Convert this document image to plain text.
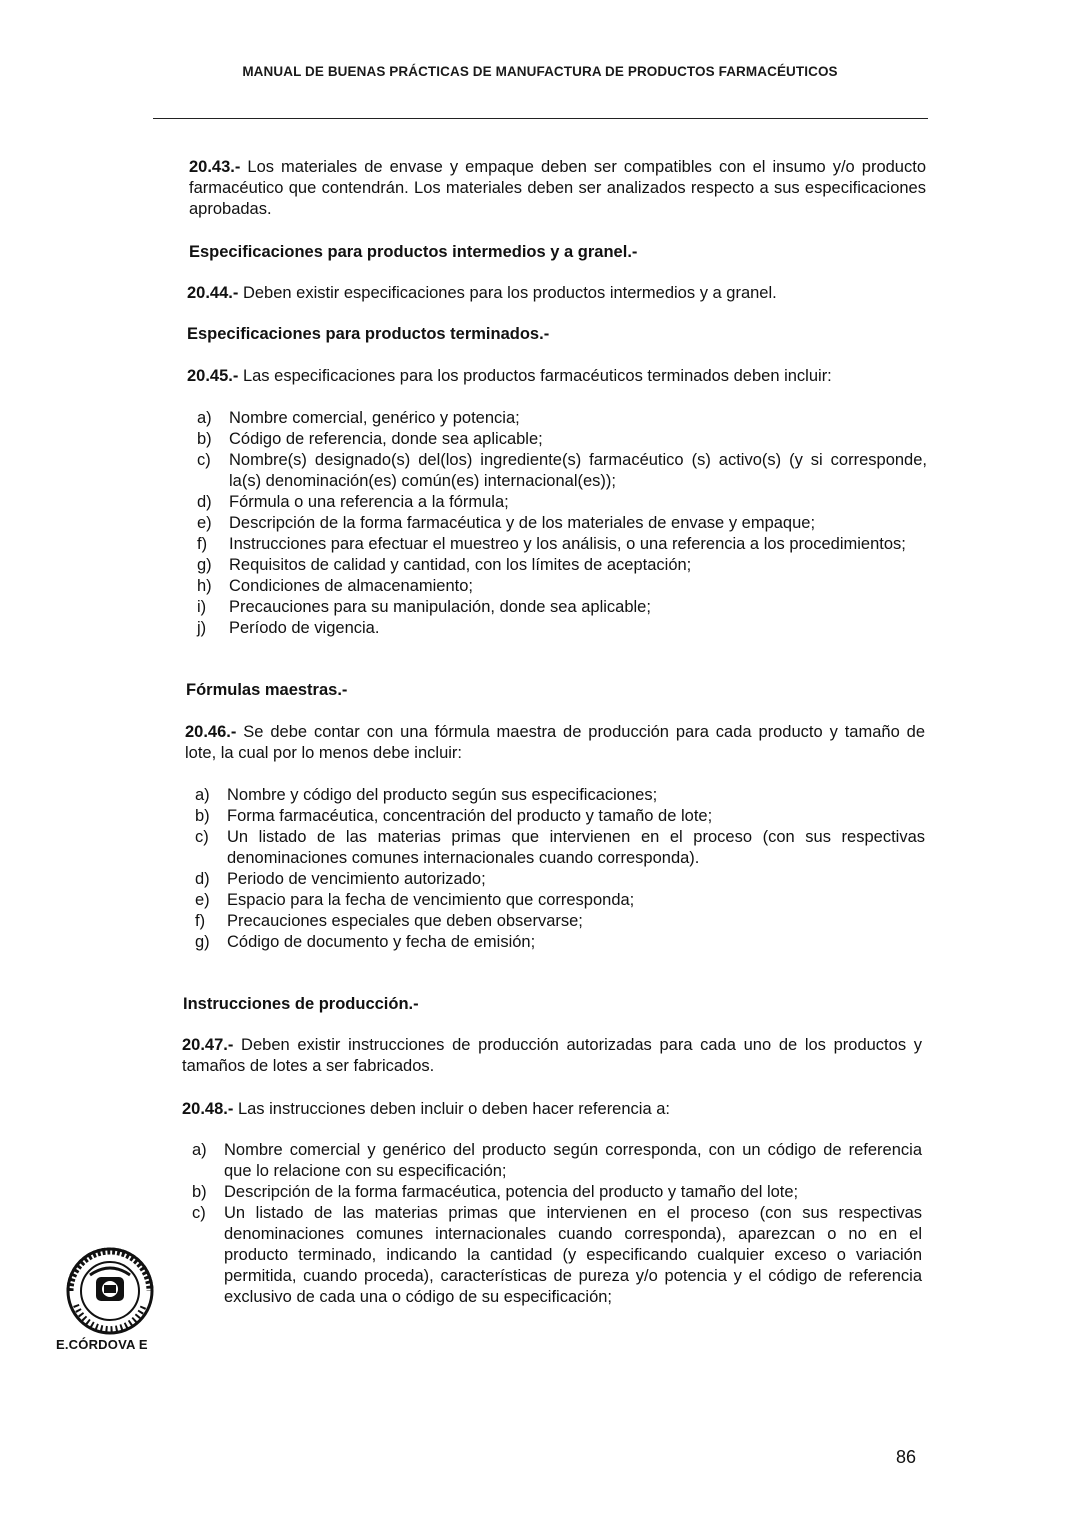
MANUAL DE BUENAS PRÁCTICAS DE MANUFACTURA DE PRODUCTOS FARMACÉUTICOS
20.43.- Los materiales de envase y empaque deben ser compatibles con el insumo y/o producto farmacéutico que contendrán. Los materiales deben ser analizados respecto a sus especificaciones aprobadas.
Especificaciones para productos intermedios y a granel.-
20.44.- Deben existir especificaciones para los productos intermedios y a granel.
Especificaciones para productos terminados.-
20.45.- Las especificaciones para los productos farmacéuticos terminados deben incluir:
a)	Nombre comercial, genérico y potencia;
b)	Código de referencia, donde sea aplicable;
c)	Nombre(s) designado(s) del(los) ingrediente(s) farmacéutico (s) activo(s) (y si corresponde, la(s) denominación(es) común(es) internacional(es));
d)	Fórmula o una referencia a la fórmula;
e)	Descripción de la forma farmacéutica y de los materiales de envase y empaque;
f)	Instrucciones para efectuar el muestreo y los análisis, o una referencia a los procedimientos;
g)	Requisitos de calidad y cantidad, con los límites de aceptación;
h)	Condiciones de almacenamiento;
i)	Precauciones para su manipulación, donde sea aplicable;
j)	Período de vigencia.
Fórmulas maestras.-
20.46.- Se debe contar con una fórmula maestra de producción para cada producto y tamaño de lote, la cual por lo menos debe incluir:
a)	Nombre y código del producto según sus especificaciones;
b)	Forma farmacéutica, concentración del producto y tamaño de lote;
c)	Un listado de las materias primas que intervienen en el proceso (con sus respectivas denominaciones comunes internacionales cuando corresponda).
d)	Periodo de vencimiento autorizado;
e)	Espacio para la fecha de vencimiento que corresponda;
f)	Precauciones especiales que deben observarse;
g)	Código de documento y fecha de emisión;
Instrucciones de producción.-
20.47.- Deben existir instrucciones de producción autorizadas para cada uno de los productos y tamaños de lotes a ser fabricados.
20.48.- Las instrucciones deben incluir o deben hacer referencia a:
a)	Nombre comercial y genérico del producto según corresponda, con un código de referencia que lo relacione con su especificación;
b)	Descripción de la forma farmacéutica, potencia del producto y tamaño del lote;
c)	Un listado de las materias primas que intervienen en el proceso (con sus respectivas denominaciones comunes internacionales cuando corresponda), aparezcan o no en el producto terminado, indicando la cantidad (y especificando cualquier exceso o variación permitida, cuando proceda), características de pureza y/o potencia y el código de referencia exclusivo de cada una o código de su especificación;
E.CÓRDOVA E
86
